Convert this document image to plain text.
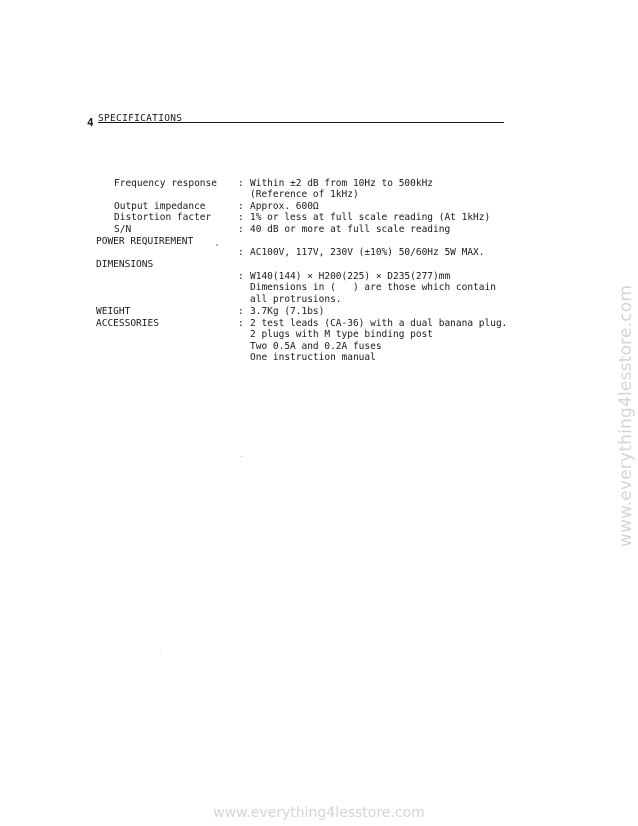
4 SPECIFICATIONS
Frequency response : Within ±2 dB from 10Hz to 500kHz
(Reference of 1kHz)
Output impedance	: Approx. 600Ω
Distortion facter	: 1% or less at full scale reading (At 1kHz)
S/N	: 40 dB or more at full scale reading
POWER REQUIREMENT
: AC100V, 117V, 230V (±10%) 50/60Hz 5W MAX.
DIMENSIONS
: W140(144) × H200(225) × D235(277)mm
Dimensions in (   ) are those which contain
all protrusions.
WEIGHT	: 3.7Kg (7.1bs)
ACCESSORIES	: 2 test leads (CA-36) with a dual banana plug.
2 plugs with M type binding post
Two 0.5A and 0.2A fuses
One instruction manual	www.everything4lesstore.com
www.everything4lesstore.com
